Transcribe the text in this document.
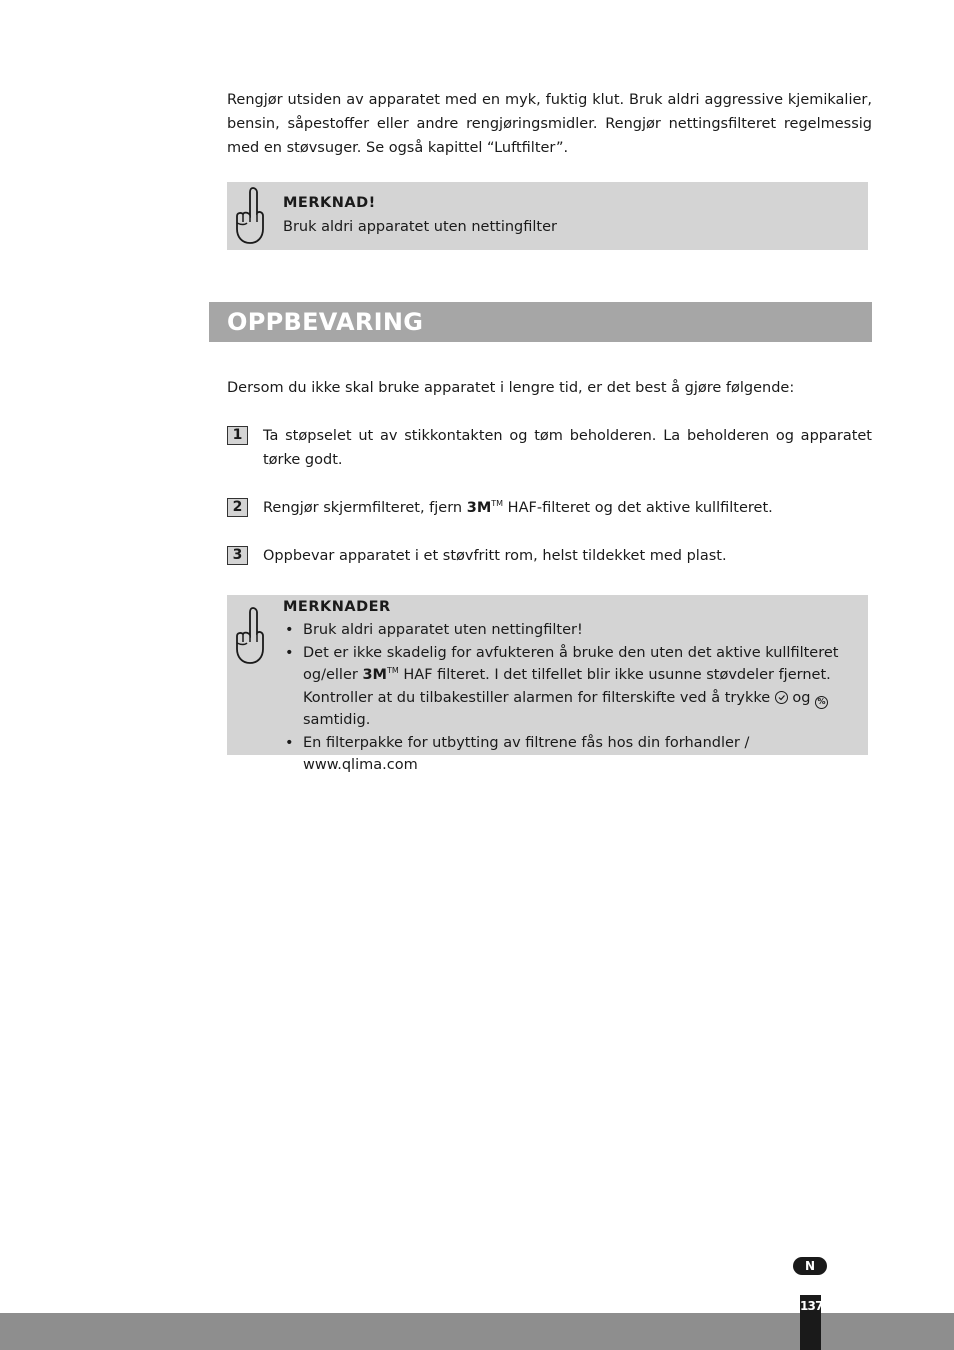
Rengjør utsiden av apparatet med en myk, fuktig klut. Bruk aldri aggressive kjemikalier, bensin, såpestoffer eller andre rengjøringsmidler. Rengjør nettingsfilteret regelmessig med en støvsuger. Se også kapittel “Luftfilter”.

MERKNAD!
Bruk aldri apparatet uten nettingfilter
OPPBEVARING

Dersom du ikke skal bruke apparatet i lengre tid, er det best å gjøre følgende:

1	Ta støpselet ut av stikkontakten og tøm beholderen. La beholderen og apparatet tørke godt.
2	Rengjør skjermfilteret, fjern 3M™ HAF-filteret og det aktive kullfilteret.
3	Oppbevar apparatet i et støvfritt rom, helst tildekket med plast.
MERKNADER
• Bruk aldri apparatet uten nettingfilter!
• Det er ikke skadelig for avfukteren å bruke den uten det aktive kullfilteret og/eller 3M™ HAF filteret. I det tilfellet blir ikke usunne støvdeler fjernet. Kontroller at du tilbakestiller alarmen for filterskifte ved å trykke
og % samtidig.
• En filterpakke for utbytting av filtrene fås hos din forhandler / www.qlima.com
N
137
